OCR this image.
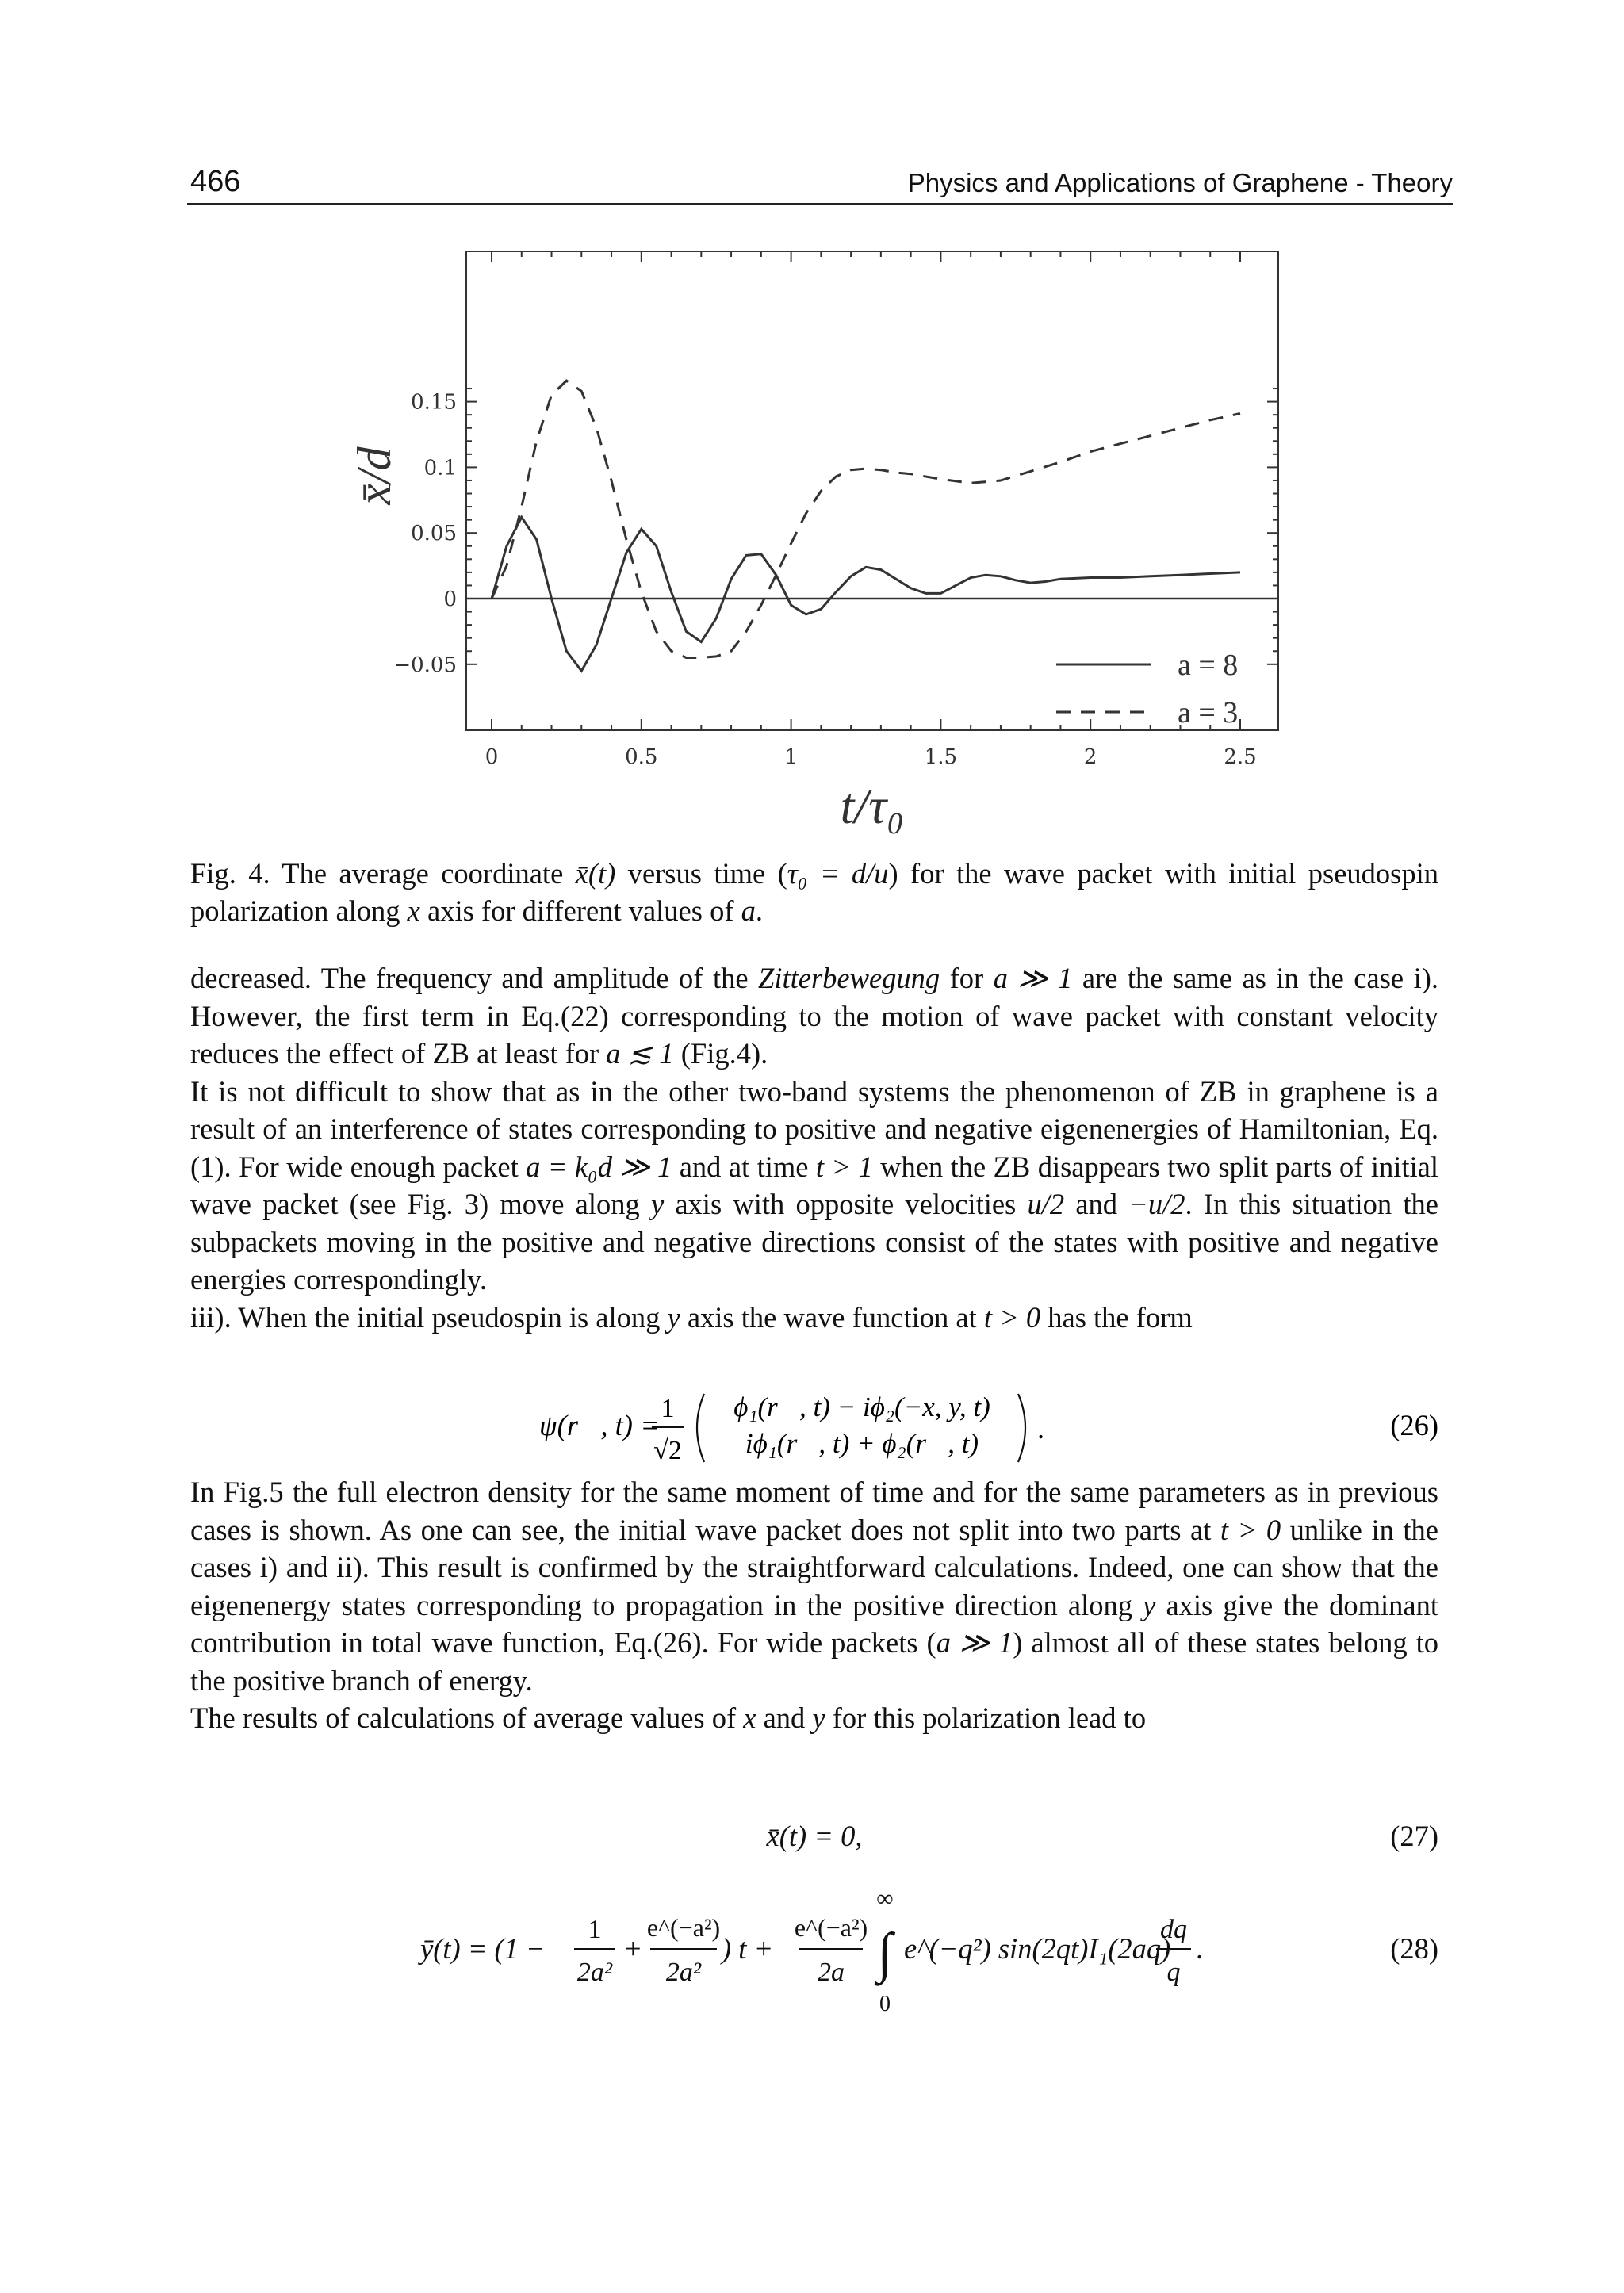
466	Physics and Applications of Graphene - Theory
0.15
0.1
0.05
0
−0.05
0	0.5	1	1.5	2	2.5
a = 8
a = 3
x̄/d
t/τ₀
Fig. 4. The average coordinate x̄(t) versus time (τ₀ = d/u) for the wave packet with initial pseudospin polarization along x axis for different values of a.

decreased. The frequency and amplitude of the Zitterbewegung for a ≫ 1 are the same as in the case i). However, the first term in Eq.(22) corresponding to the motion of wave packet with constant velocity reduces the effect of ZB at least for a ≲ 1 (Fig.4).

It is not difficult to show that as in the other two-band systems the phenomenon of ZB in graphene is a result of an interference of states corresponding to positive and negative eigenenergies of Hamiltonian, Eq.(1). For wide enough packet a = k₀d ≫ 1 and at time t > 1 when the ZB disappears two split parts of initial wave packet (see Fig. 3) move along y axis with opposite velocities u/2 and −u/2. In this situation the subpackets moving in the positive and negative directions consist of the states with positive and negative energies correspondingly.

iii). When the initial pseudospin is along y axis the wave function at t > 0 has the form

ψ(r⃗, t) =
1
√2
ϕ₁(r⃗, t) − iϕ₂(−x, y, t)
iϕ₁(r⃗, t) + ϕ₂(r⃗, t) .	(26)

In Fig.5 the full electron density for the same moment of time and for the same parameters as in previous cases is shown. As one can see, the initial wave packet does not split into two parts at t > 0 unlike in the cases i) and ii). This result is confirmed by the straightforward calculations. Indeed, one can show that the eigenenergy states corresponding to propagation in the positive direction along y axis give the dominant contribution in total wave function, Eq.(26). For wide packets (a ≫ 1) almost all of these states belong to the positive branch of energy.

The results of calculations of average values of x and y for this polarization lead to

x̄(t) = 0,	(27)
ȳ(t) = (1 −
1
2a²
+
e^(−a²)
2a²
) t +
e^(−a²)
2a
∞
∫
0
e^(−q²) sin(2qt)I₁(2aq)
dq
q
.	(28)
